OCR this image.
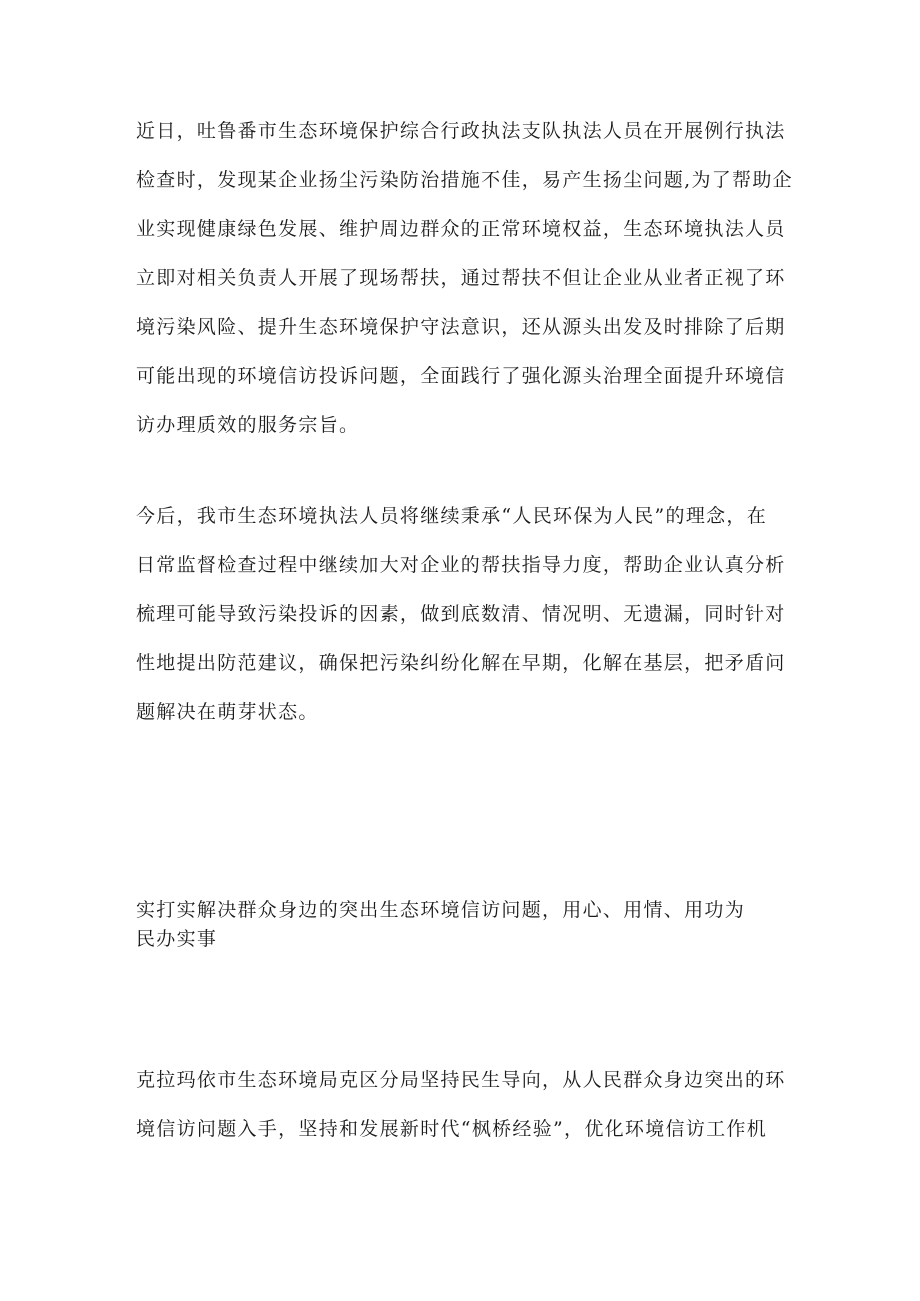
近日，吐鲁番市生态环境保护综合行政执法支队执法人员在开展例行执法
检查时，发现某企业扬尘污染防治措施不佳，易产生扬尘问题,为了帮助企
业实现健康绿色发展、维护周边群众的正常环境权益，生态环境执法人员
立即对相关负责人开展了现场帮扶，通过帮扶不但让企业从业者正视了环
境污染风险、提升生态环境保护守法意识，还从源头出发及时排除了后期
可能出现的环境信访投诉问题，全面践行了强化源头治理全面提升环境信
访办理质效的服务宗旨。
今后，我市生态环境执法人员将继续秉承“人民环保为人民”的理念，在
日常监督检查过程中继续加大对企业的帮扶指导力度，帮助企业认真分析
梳理可能导致污染投诉的因素，做到底数清、情况明、无遗漏，同时针对
性地提出防范建议，确保把污染纠纷化解在早期，化解在基层，把矛盾问
题解决在萌芽状态。
实打实解决群众身边的突出生态环境信访问题，用心、用情、用功为
民办实事
克拉玛依市生态环境局克区分局坚持民生导向，从人民群众身边突出的环
境信访问题入手，坚持和发展新时代“枫桥经验”，优化环境信访工作机
